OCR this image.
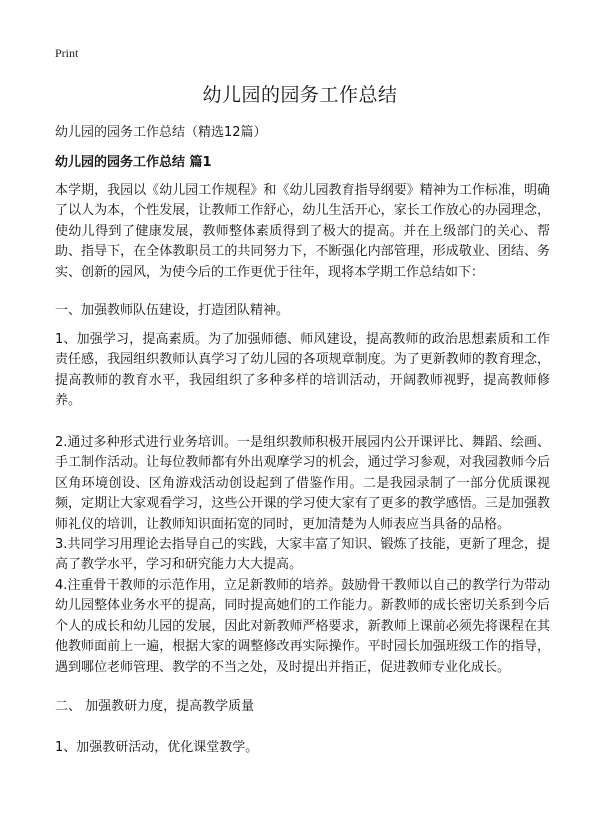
Print
幼儿园的园务工作总结
幼儿园的园务工作总结（精选12篇）
幼儿园的园务工作总结 篇1

本学期，我园以《幼儿园工作规程》和《幼儿园教育指导纲要》精神为工作标准，明确了以人为本，个性发展，让教师工作舒心，幼儿生活开心，家长工作放心的办园理念，使幼儿得到了健康发展，教师整体素质得到了极大的提高。并在上级部门的关心、帮助、指导下，在全体教职员工的共同努力下，不断强化内部管理，形成敬业、团结、务实、创新的园风，为使今后的工作更优于往年，现将本学期工作总结如下：

一、加强教师队伍建设，打造团队精神。

1、加强学习，提高素质。为了加强师德、师风建设，提高教师的政治思想素质和工作责任感，我园组织教师认真学习了幼儿园的各项规章制度。为了更新教师的教育理念，提高教师的教育水平，我园组织了多种多样的培训活动，开阔教师视野，提高教师修养。

2.通过多种形式进行业务培训。一是组织教师积极开展园内公开课评比、舞蹈、绘画、手工制作活动。让每位教师都有外出观摩学习的机会，通过学习参观，对我园教师今后区角环境创设、区角游戏活动创设起到了借鉴作用。二是我园录制了一部分优质课视频，定期让大家观看学习，这些公开课的学习使大家有了更多的教学感悟。三是加强教师礼仪的培训，让教师知识面拓宽的同时，更加清楚为人师表应当具备的品格。

3.共同学习用理论去指导自己的实践，大家丰富了知识、锻炼了技能，更新了理念，提高了教学水平，学习和研究能力大大提高。

4.注重骨干教师的示范作用，立足新教师的培养。鼓励骨干教师以自己的教学行为带动幼儿园整体业务水平的提高，同时提高她们的工作能力。新教师的成长密切关系到今后个人的成长和幼儿园的发展，因此对新教师严格要求，新教师上课前必须先将课程在其他教师面前上一遍，根据大家的调整修改再实际操作。平时园长加强班级工作的指导，遇到哪位老师管理、教学的不当之处，及时提出并指正，促进教师专业化成长。

二、 加强教研力度，提高教学质量

1、加强教研活动，优化课堂教学。
